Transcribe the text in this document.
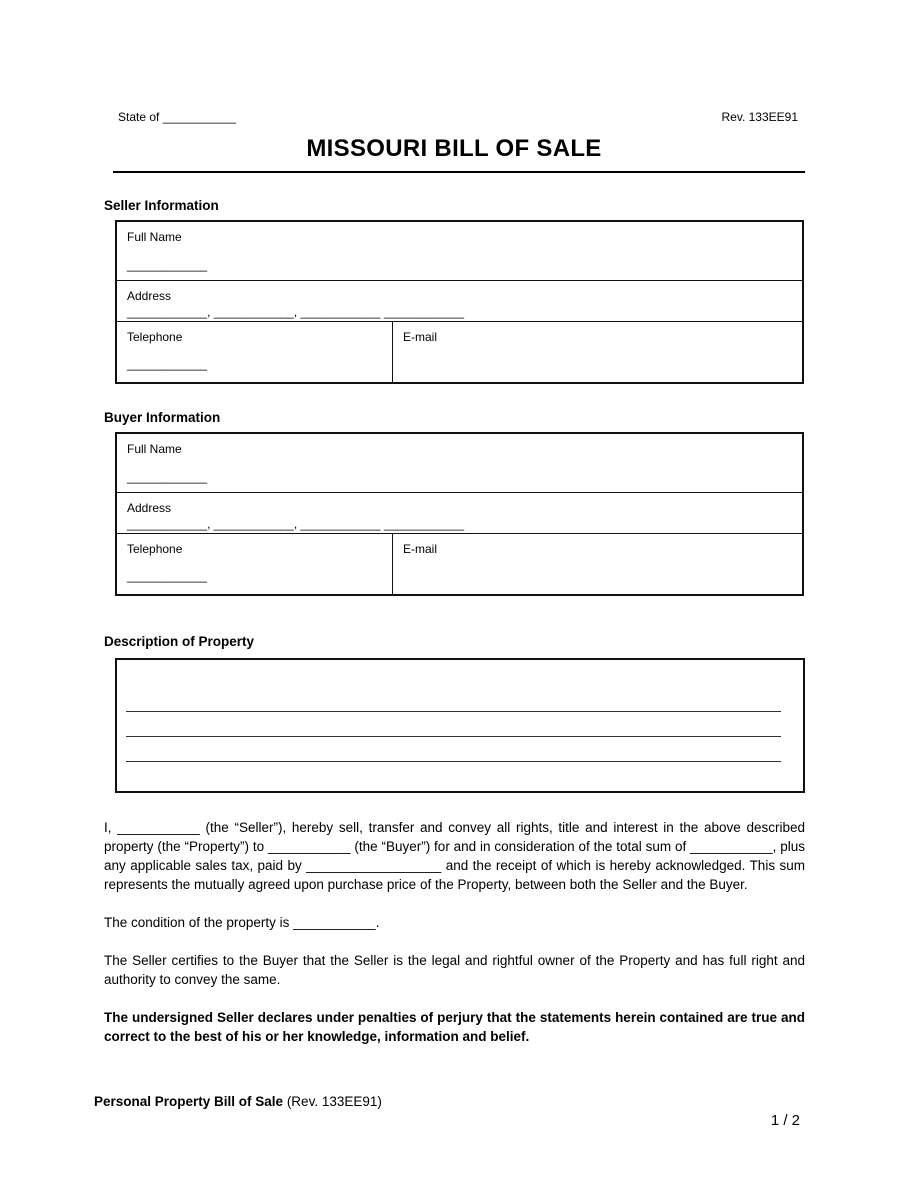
State of ___________	Rev. 133EE91
MISSOURI BILL OF SALE
Seller Information
Full Name
____________
Address
____________, ____________, ____________ ____________
Telephone
____________
E-mail
Buyer Information
Full Name
____________
Address
____________, ____________, ____________ ____________
Telephone
____________
E-mail
Description of Property

I, ___________ (the “Seller”), hereby sell, transfer and convey all rights, title and interest in the above described property (the “Property”) to ___________ (the “Buyer”) for and in consideration of the total sum of ___________, plus any applicable sales tax, paid by __________________ and the receipt of which is hereby acknowledged. This sum represents the mutually agreed upon purchase price of the Property, between both the Seller and the Buyer.

The condition of the property is ___________.

The Seller certifies to the Buyer that the Seller is the legal and rightful owner of the Property and has full right and authority to convey the same.

The undersigned Seller declares under penalties of perjury that the statements herein contained are true and correct to the best of his or her knowledge, information and belief.

Personal Property Bill of Sale (Rev. 133EE91)
1 / 2
